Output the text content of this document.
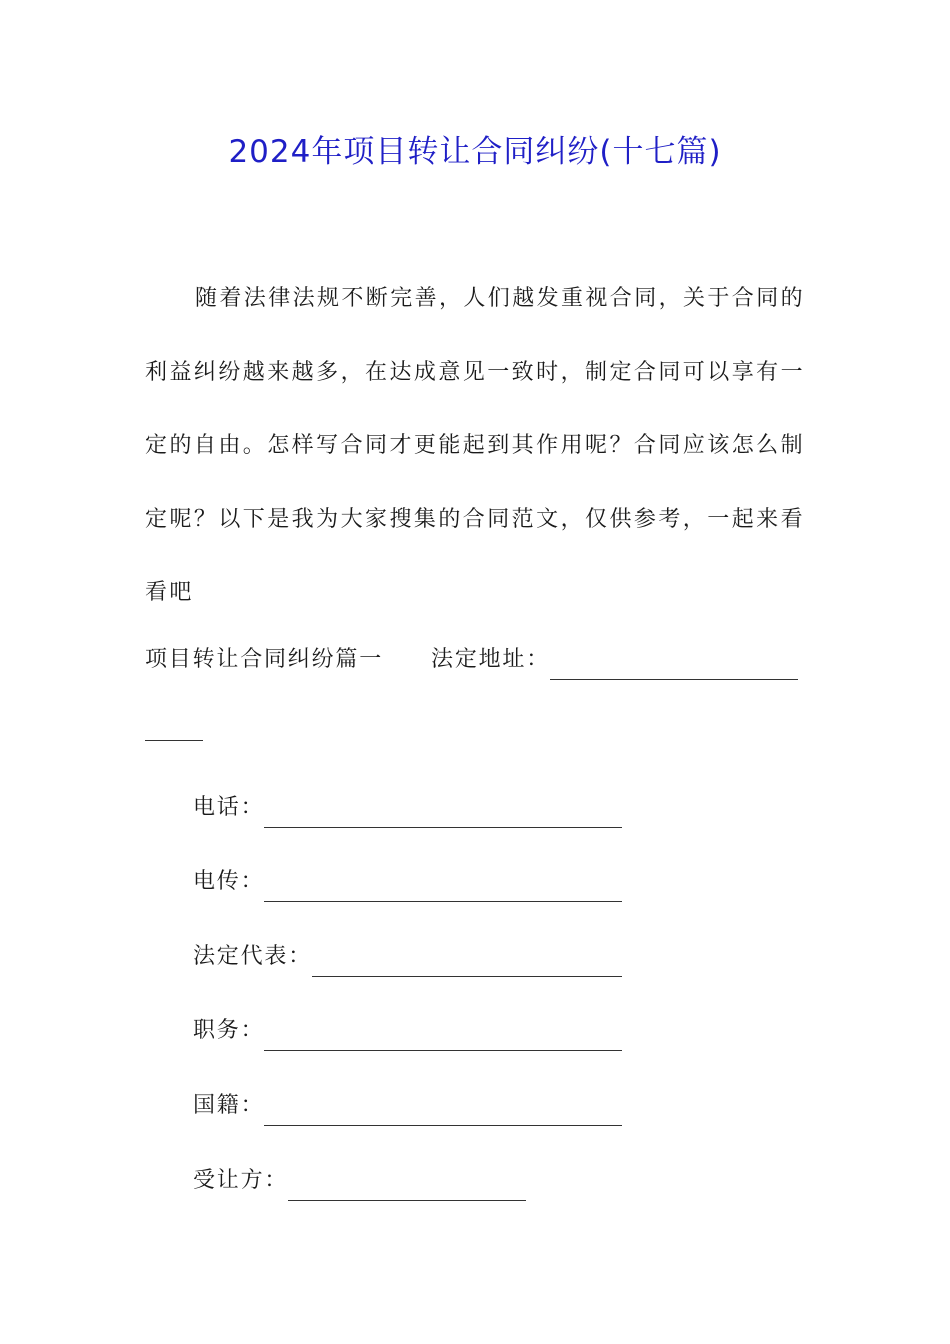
2024年项目转让合同纠纷(十七篇)

随着法律法规不断完善，人们越发重视合同，关于合同的利益纠纷越来越多，在达成意见一致时，制定合同可以享有一定的自由。怎样写合同才更能起到其作用呢？合同应该怎么制定呢？以下是我为大家搜集的合同范文，仅供参考，一起来看看吧

项目转让合同纠纷篇一 法定地址：
电话：
电传：
法定代表：
职务：
国籍：
受让方：
